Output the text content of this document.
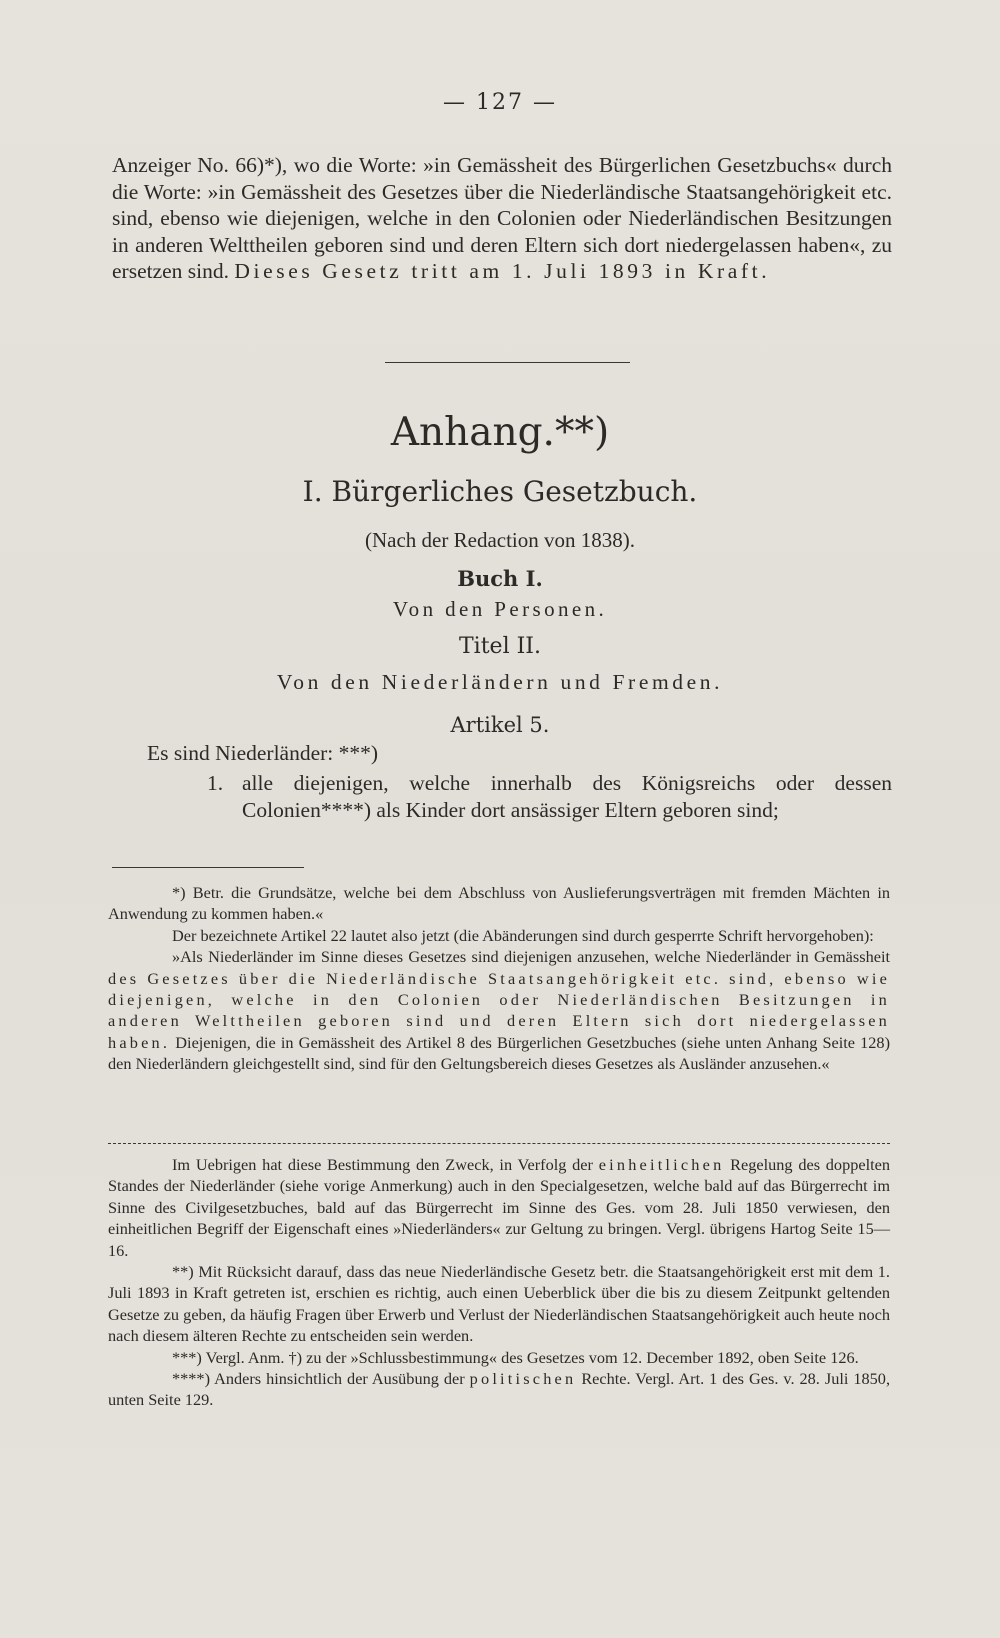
— 127 —
Anzeiger No. 66)*), wo die Worte: »in Gemässheit des Bürgerlichen Gesetzbuchs« durch die Worte: »in Gemässheit des Gesetzes über die Niederländische Staatsangehörigkeit etc. sind, ebenso wie diejenigen, welche in den Colonien oder Niederländischen Besitzungen in anderen Welttheilen geboren sind und deren Eltern sich dort niedergelassen haben«, zu ersetzen sind. Dieses Gesetz tritt am 1. Juli 1893 in Kraft.
Anhang.**)
I. Bürgerliches Gesetzbuch.
(Nach der Redaction von 1838).
Buch I.
Von den Personen.
Titel II.
Von den Niederländern und Fremden.
Artikel 5.
Es sind Niederländer: ***)
1. alle diejenigen, welche innerhalb des Königsreichs oder dessen Colonien****) als Kinder dort ansässiger Eltern geboren sind;

*) Betr. die Grundsätze, welche bei dem Abschluss von Auslieferungsverträgen mit fremden Mächten in Anwendung zu kommen haben.«

Der bezeichnete Artikel 22 lautet also jetzt (die Abänderungen sind durch gesperrte Schrift hervorgehoben):

»Als Niederländer im Sinne dieses Gesetzes sind diejenigen anzusehen, welche Niederländer in Gemässheit des Gesetzes über die Niederländische Staatsangehörigkeit etc. sind, ebenso wie diejenigen, welche in den Colonien oder Niederländischen Besitzungen in anderen Welttheilen geboren sind und deren Eltern sich dort niedergelassen haben. Diejenigen, die in Gemässheit des Artikel 8 des Bürgerlichen Gesetzbuches (siehe unten Anhang Seite 128) den Niederländern gleichgestellt sind, sind für den Geltungsbereich dieses Gesetzes als Ausländer anzusehen.«

Im Uebrigen hat diese Bestimmung den Zweck, in Verfolg der einheitlichen Regelung des doppelten Standes der Niederländer (siehe vorige Anmerkung) auch in den Specialgesetzen, welche bald auf das Bürgerrecht im Sinne des Civilgesetzbuches, bald auf das Bürgerrecht im Sinne des Ges. vom 28. Juli 1850 verwiesen, den einheitlichen Begriff der Eigenschaft eines »Niederländers« zur Geltung zu bringen. Vergl. übrigens Hartog Seite 15—16.

**) Mit Rücksicht darauf, dass das neue Niederländische Gesetz betr. die Staatsangehörigkeit erst mit dem 1. Juli 1893 in Kraft getreten ist, erschien es richtig, auch einen Ueberblick über die bis zu diesem Zeitpunkt geltenden Gesetze zu geben, da häufig Fragen über Erwerb und Verlust der Niederländischen Staatsangehörigkeit auch heute noch nach diesem älteren Rechte zu entscheiden sein werden.

***) Vergl. Anm. †) zu der »Schlussbestimmung« des Gesetzes vom 12. December 1892, oben Seite 126.

****) Anders hinsichtlich der Ausübung der politischen Rechte. Vergl. Art. 1 des Ges. v. 28. Juli 1850, unten Seite 129.
